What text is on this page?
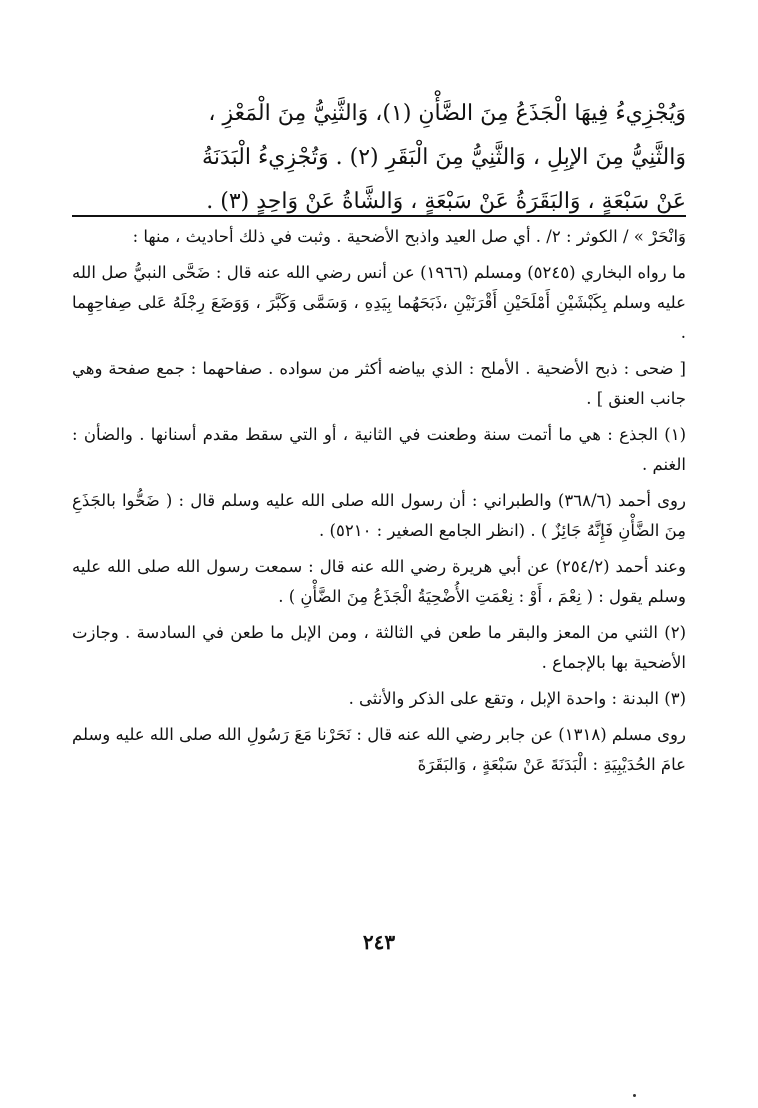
وَيُجْزِيءُ فِيهَا الْجَذَعُ مِنَ الضَّأْنِ (١)، وَالثَّنِيُّ مِنَ الْمَعْزِ ،

وَالثَّنِيُّ مِنَ الإبِلِ ، وَالثَّنِيُّ مِنَ الْبَقَرِ (٢) . وَتُجْزِيءُ الْبَدَنَةُ

عَنْ سَبْعَةٍ ، وَالبَقَرَةُ عَنْ سَبْعَةٍ ، وَالشَّاةُ عَنْ وَاحِدٍ (٣) .

وَانْحَرْ » / الكوثر : ٢/ . أي صل العيد واذبح الأضحية . وثبت في ذلك أحاديث ، منها :

ما رواه البخاري (٥٢٤٥) ومسلم (١٩٦٦) عن أنس رضي الله عنه قال : ضَحَّى النبيُّ صل الله عليه وسلم بِكَبْشَيْنِ أَمْلَحَيْنِ أَقْرَنَيْنِ ،ذَبَحَهُما بِيَدِهِ ، وَسَمَّى وَكَبَّرَ ، وَوَضَعَ رِجْلَهُ عَلى صِفاحِهِما .

[ ضحى : ذبح الأضحية . الأملح : الذي بياضه أكثر من سواده . صفاحهما : جمع صفحة وهي جانب العنق ] .

(١) الجذع : هي ما أتمت سنة وطعنت في الثانية ، أو التي سقط مقدم أسنانها . والضأن : الغنم .

روى أحمد (٣٦٨/٦) والطبراني : أن رسول الله صلى الله عليه وسلم قال : ( ضَحُّوا بالجَذَعِ مِنَ الضَّأْنِ فَإِنَّهُ جَائِزٌ ) . (انظر الجامع الصغير : ٥٢١٠) .

وعند أحمد (٢٥٤/٢) عن أبي هريرة رضي الله عنه قال : سمعت رسول الله صلى الله عليه وسلم يقول : ( نِعْمَ ، أَوْ : نِعْمَتِ الأُضْحِيَةُ الْجَذَعُ مِنَ الضَّأْنِ ) .

(٢) الثني من المعز والبقر ما طعن في الثالثة ، ومن الإبل ما طعن في السادسة . وجازت الأضحية بها بالإجماع .

(٣) البدنة : واحدة الإبل ، وتقع على الذكر والأنثى .

روى مسلم (١٣١٨) عن جابر رضي الله عنه قال : نَحَرْنا مَعَ رَسُولِ الله صلى الله عليه وسلم عامَ الحُدَيْبِيَةِ : الْبَدَنَةَ عَنْ سَبْعَةٍ ، وَالبَقَرَةَ

٢٤٣
